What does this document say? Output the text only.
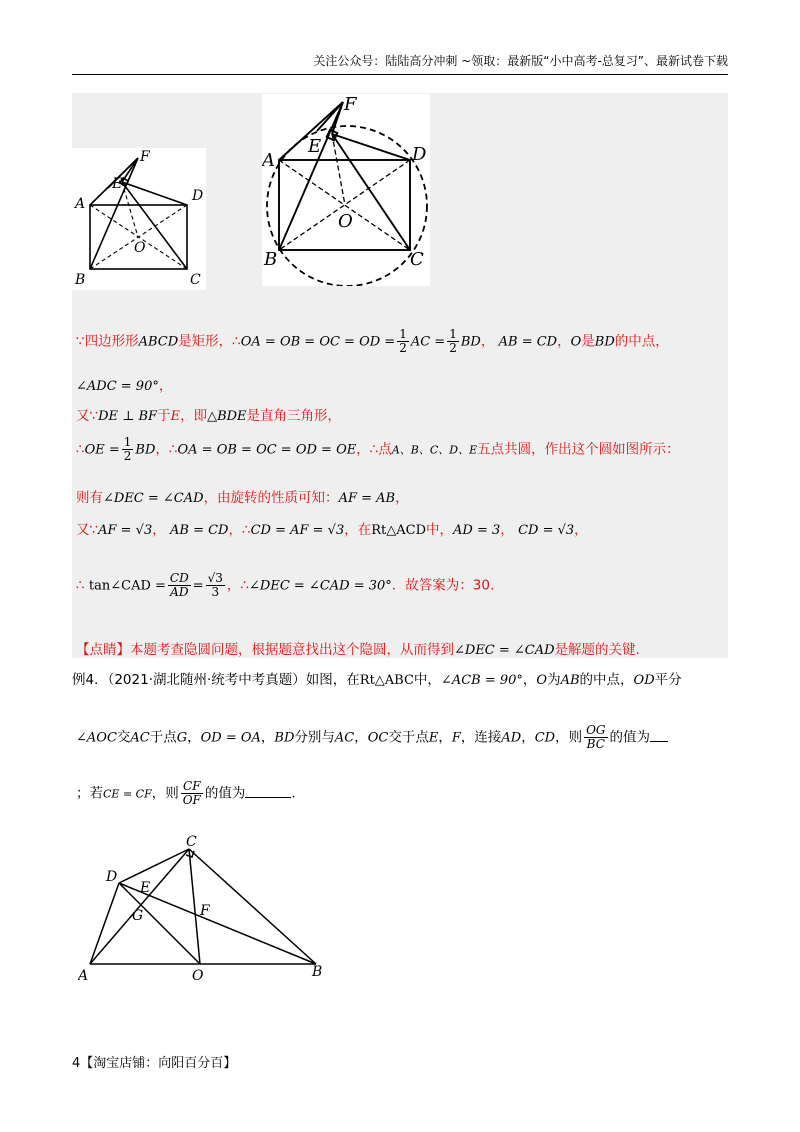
关注公众号：陆陆高分冲刺 ~领取：最新版“小中高考-总复习”、最新试卷下载
F
E
A	D
O
B	C
F
E
A	D
O
B	C
∵四边形形ABCD是矩形，∴OA = OB = OC = OD = $\frac{1}{2}$ AC = $\frac{1}{2}$ BD， AB = CD，O是BD的中点，
∠ADC = 90°，
又∵DE ⊥ BF于E，即△BDE是直角三角形，
∴OE = $\frac{1}{2}$ BD，∴OA = OB = OC = OD = OE，∴点A、B、C、D、E五点共圆，作出这个圆如图所示：
则有∠DEC = ∠CAD，由旋转的性质可知：AF = AB，
又∵AF = √3， AB = CD，∴CD = AF = √3，在Rt△ACD中，AD = 3， CD = √3，
∴ tan∠CAD = $\frac{CD}{AD} = \frac{√3}{3}$ ，∴∠DEC = ∠CAD = 30°．故答案为：30.
【点睛】本题考查隐圆问题，根据题意找出这个隐圆，从而得到∠DEC = ∠CAD是解题的关键.
例4．（2021·湖北随州·统考中考真题）如图，在Rt△ABC中，∠ACB = 90°，O为AB的中点，OD平分
∠AOC交AC于点G，OD = OA，BD分别与AC，OC交于点E，F，连接AD，CD，则 $\frac{OG}{BC}$ 的值为
；若CE = CF，则 $\frac{CF}{OF}$ 的值为	.
C
D
E
G	F
A	O	B
4【淘宝店铺：向阳百分百】
